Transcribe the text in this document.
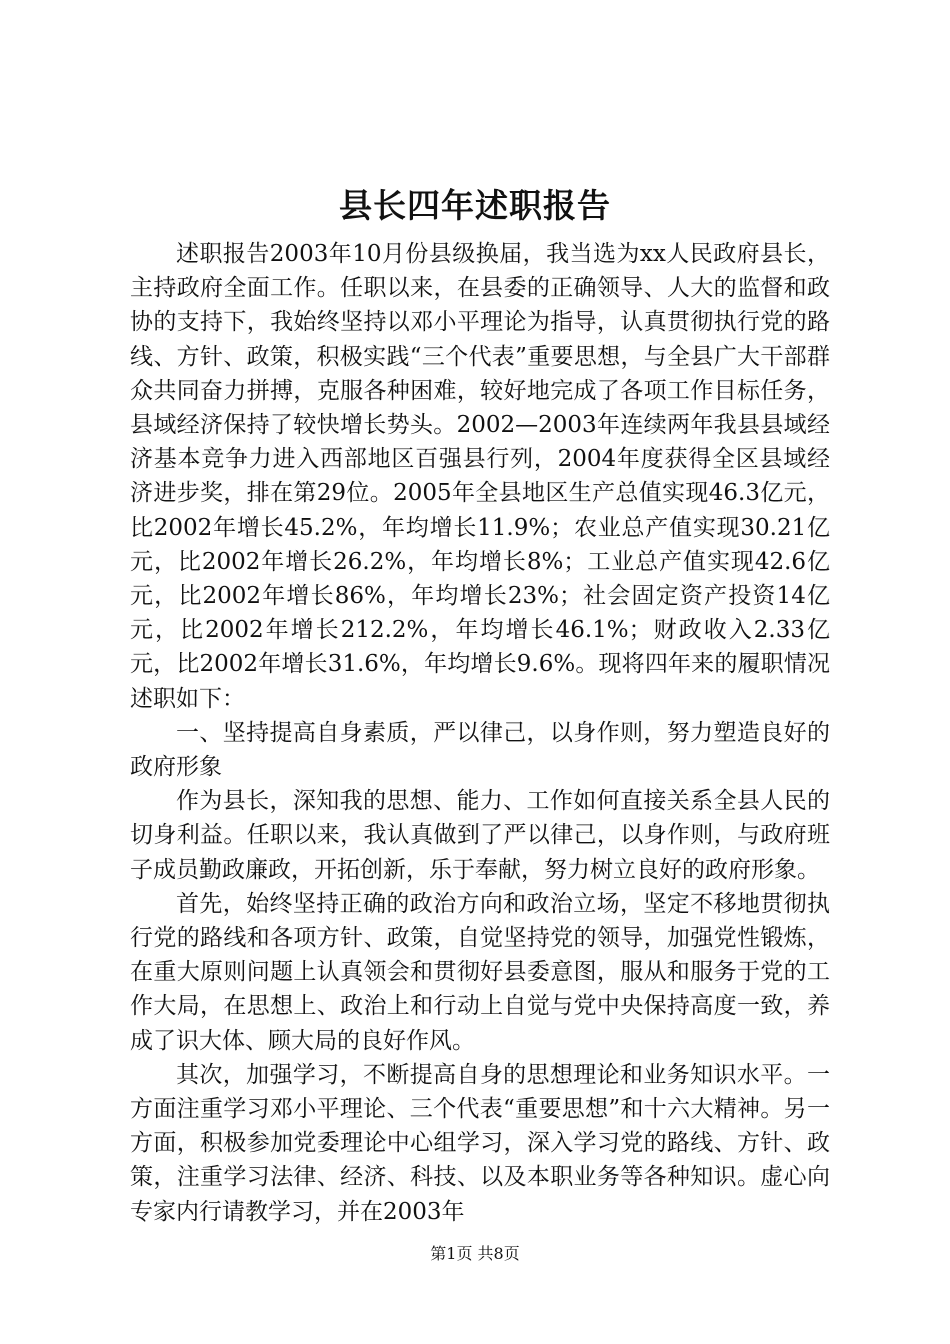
县长四年述职报告

述职报告2003年10月份县级换届，我当选为xx人民政府县长，主持政府全面工作。任职以来，在县委的正确领导、人大的监督和政协的支持下，我始终坚持以邓小平理论为指导，认真贯彻执行党的路线、方针、政策，积极实践“三个代表”重要思想，与全县广大干部群众共同奋力拼搏，克服各种困难，较好地完成了各项工作目标任务，县域经济保持了较快增长势头。2002—2003年连续两年我县县域经济基本竞争力进入西部地区百强县行列，2004年度获得全区县域经济进步奖，排在第29位。2005年全县地区生产总值实现46.3亿元，比2002年增长45.2%，年均增长11.9%；农业总产值实现30.21亿元，比2002年增长26.2%，年均增长8%；工业总产值实现42.6亿元，比2002年增长86%，年均增长23%；社会固定资产投资14亿元，比2002年增长212.2%，年均增长46.1%；财政收入2.33亿元，比2002年增长31.6%，年均增长9.6%。现将四年来的履职情况述职如下：

一、坚持提高自身素质，严以律己，以身作则，努力塑造良好的政府形象

作为县长，深知我的思想、能力、工作如何直接关系全县人民的切身利益。任职以来，我认真做到了严以律己，以身作则，与政府班子成员勤政廉政，开拓创新，乐于奉献，努力树立良好的政府形象。

首先，始终坚持正确的政治方向和政治立场，坚定不移地贯彻执行党的路线和各项方针、政策，自觉坚持党的领导，加强党性锻炼，在重大原则问题上认真领会和贯彻好县委意图，服从和服务于党的工作大局，在思想上、政治上和行动上自觉与党中央保持高度一致，养成了识大体、顾大局的良好作风。

其次，加强学习，不断提高自身的思想理论和业务知识水平。一方面注重学习邓小平理论、三个代表“重要思想”和十六大精神。另一方面，积极参加党委理论中心组学习，深入学习党的路线、方针、政策，注重学习法律、经济、科技、以及本职业务等各种知识。虚心向专家内行请教学习，并在2003年

第1页 共8页
